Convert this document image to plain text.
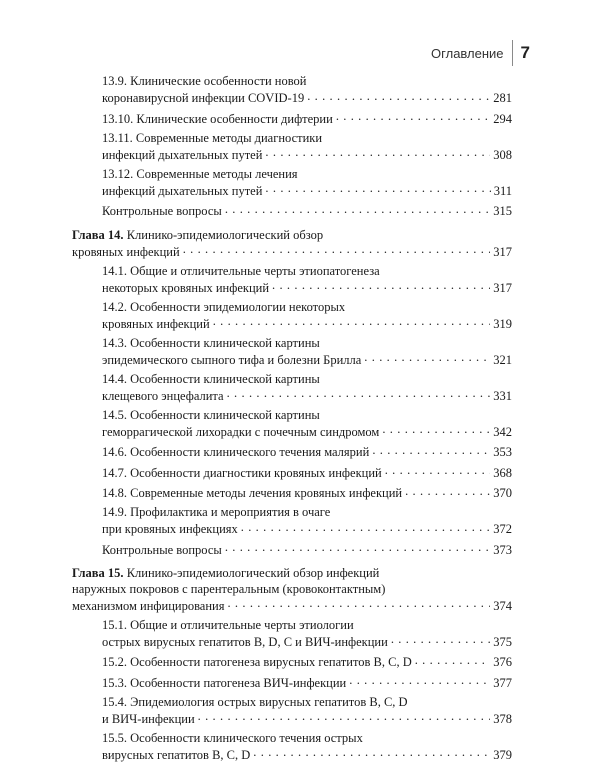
Оглавление 7
13.9. Клинические особенности новой
коронавирусной инфекции COVID-19 . . .	281
13.10. Клинические особенности дифтерии . . .	294
13.11. Современные методы диагностики
инфекций дыхательных путей . . .	308
13.12. Современные методы лечения
инфекций дыхательных путей . . .	311
Контрольные вопросы . . .	315
Глава 14. Клинико-эпидемиологический обзор
кровяных инфекций . . .	317
14.1. Общие и отличительные черты этиопатогенеза
некоторых кровяных инфекций . . .	317
14.2. Особенности эпидемиологии некоторых
кровяных инфекций . . .	319
14.3. Особенности клинической картины
эпидемического сыпного тифа и болезни Брилла . . .	321
14.4. Особенности клинической картины
клещевого энцефалита . . .	331
14.5. Особенности клинической картины
геморрагической лихорадки с почечным синдромом . . .	342
14.6. Особенности клинического течения малярий . . .	353
14.7. Особенности диагностики кровяных инфекций . . .	368
14.8. Современные методы лечения кровяных инфекций . . .	370
14.9. Профилактика и мероприятия в очаге
при кровяных инфекциях . . .	372
Контрольные вопросы . . .	373
Глава 15. Клинико-эпидемиологический обзор инфекций
наружных покровов с парентеральным (кровоконтактным)
механизмом инфицирования . . .	374
15.1. Общие и отличительные черты этиологии
острых вирусных гепатитов В, D, С и ВИЧ-инфекции . . .	375
15.2. Особенности патогенеза вирусных гепатитов В, С, D . . .	376
15.3. Особенности патогенеза ВИЧ-инфекции . . .	377
15.4. Эпидемиология острых вирусных гепатитов В, С, D
и ВИЧ-инфекции . . .	378
15.5. Особенности клинического течения острых
вирусных гепатитов В, С, D . . .	379
